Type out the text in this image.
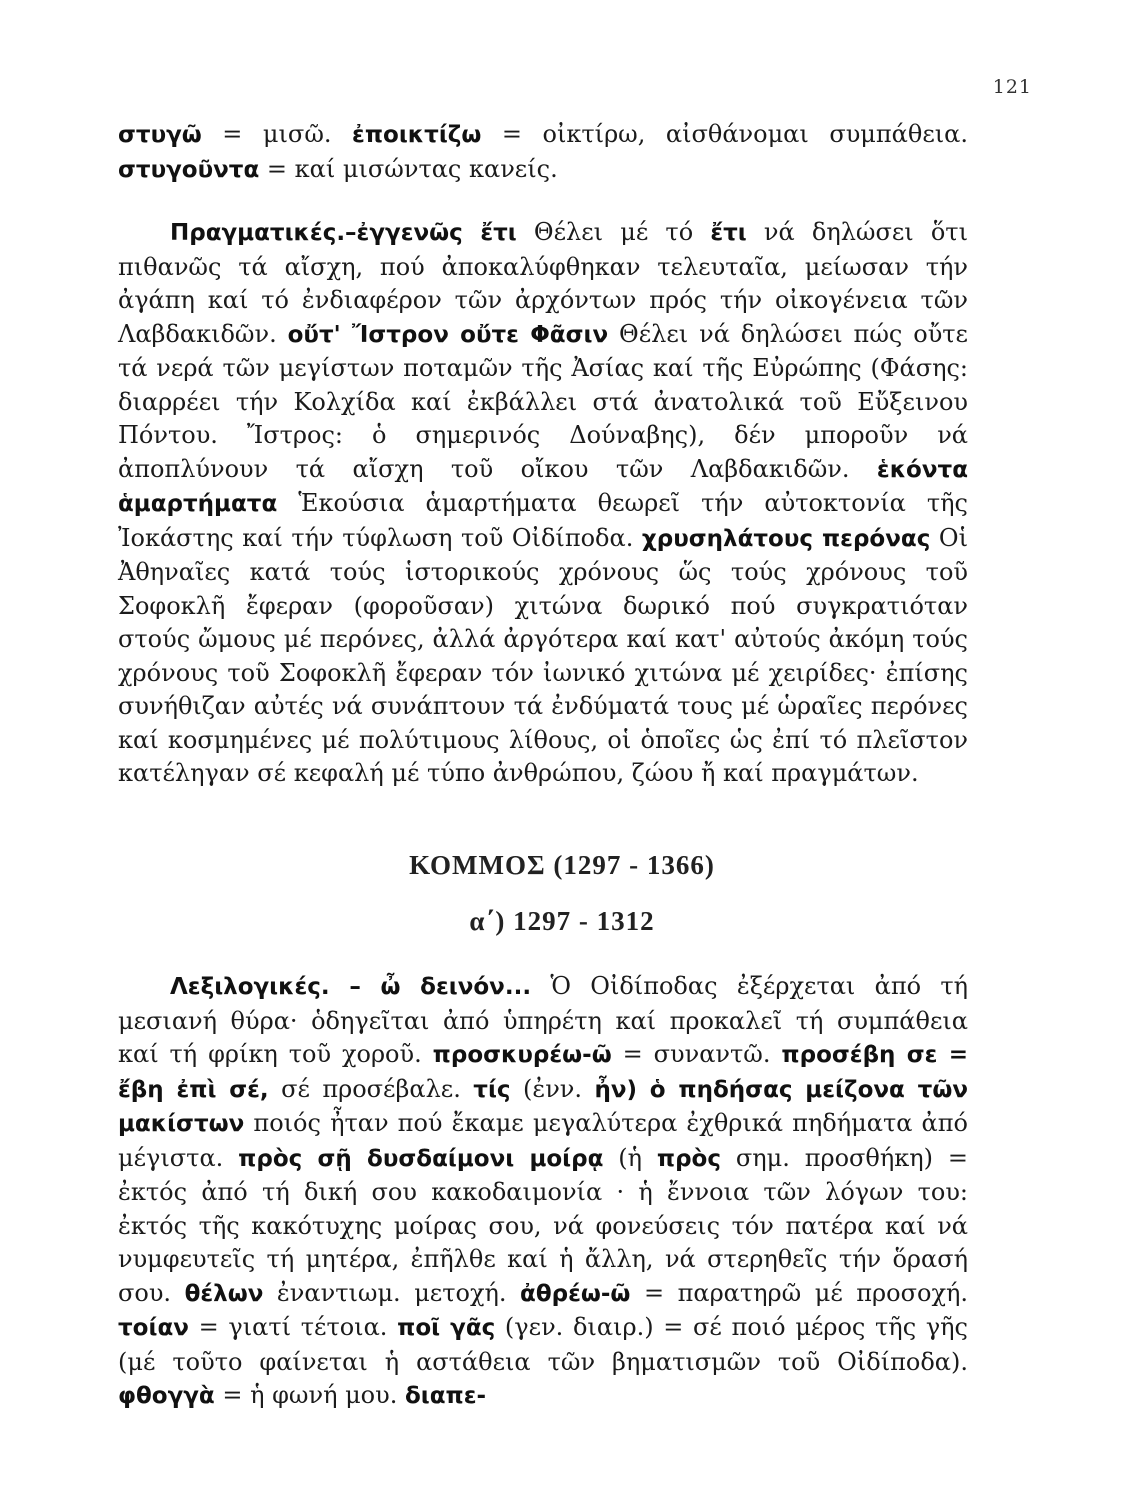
121

στυγῶ = μισῶ. ἐποικτίζω = οἰκτίρω, αἰσθάνομαι συμπάθεια. στυγοῦντα = καί μισώντας κανείς.

Πραγματικές.–ἐγγενῶς ἔτι Θέλει μέ τό ἔτι νά δηλώσει ὅτι πιθανῶς τά αἴσχη, πού ἀποκαλύφθηκαν τελευταῖα, μείωσαν τήν ἀγάπη καί τό ἐνδιαφέρον τῶν ἀρχόντων πρός τήν οἰκογένεια τῶν Λαβδακιδῶν. οὔτ' Ἴστρον οὔτε Φᾶσιν Θέλει νά δηλώσει πώς οὔτε τά νερά τῶν μεγίστων ποταμῶν τῆς Ἀσίας καί τῆς Εὐρώπης (Φάσης: διαρρέει τήν Κολχίδα καί ἐκβάλλει στά ἀνατολικά τοῦ Εὔξεινου Πόντου. Ἴστρος: ὁ σημερινός Δούναβης), δέν μποροῦν νά ἀποπλύνουν τά αἴσχη τοῦ οἴκου τῶν Λαβδακιδῶν. ἑκόντα ἁμαρτήματα Ἑκούσια ἁμαρτήματα θεωρεῖ τήν αὐτοκτονία τῆς Ἰοκάστης καί τήν τύφλωση τοῦ Οἰδίποδα. χρυσηλάτους περόνας Οἱ Ἀθηναῖες κατά τούς ἱστορικούς χρόνους ὥς τούς χρόνους τοῦ Σοφοκλῆ ἔφεραν (φοροῦσαν) χιτώνα δωρικό πού συγκρατιόταν στούς ὤμους μέ περόνες, ἀλλά ἀργότερα καί κατ' αὐτούς ἀκόμη τούς χρόνους τοῦ Σοφοκλῆ ἔφεραν τόν ἰωνικό χιτώνα μέ χειρίδες· ἐπίσης συνήθιζαν αὐτές νά συνάπτουν τά ἐνδύματά τους μέ ὡραῖες περόνες καί κοσμημένες μέ πολύτιμους λίθους, οἱ ὁποῖες ὡς ἐπί τό πλεῖστον κατέληγαν σέ κεφαλή μέ τύπο ἀνθρώπου, ζώου ἤ καί πραγμάτων.

ΚΟΜΜΟΣ (1297 - 1366)
α΄) 1297 - 1312

Λεξιλογικές. – ὦ δεινόν... Ὁ Οἰδίποδας ἐξέρχεται ἀπό τή μεσιανή θύρα· ὁδηγεῖται ἀπό ὑπηρέτη καί προκαλεῖ τή συμπάθεια καί τή φρίκη τοῦ χοροῦ. προσκυρέω-ῶ = συναντῶ. προσέβη σε = ἔβη ἐπὶ σέ, σέ προσέβαλε. τίς (ἐνν. ἦν) ὁ πηδήσας μείζονα τῶν μακίστων ποιός ἦταν πού ἔκαμε μεγαλύτερα ἐχθρικά πηδήματα ἀπό μέγιστα. πρὸς σῇ δυσδαίμονι μοίρᾳ (ἡ πρὸς σημ. προσθήκη) = ἐκτός ἀπό τή δική σου κακοδαιμονία · ἡ ἔννοια τῶν λόγων του: ἐκτός τῆς κακότυχης μοίρας σου, νά φονεύσεις τόν πατέρα καί νά νυμφευτεῖς τή μητέρα, ἐπῆλθε καί ἡ ἄλλη, νά στερηθεῖς τήν ὅρασή σου. θέλων ἐναντιωμ. μετοχή. ἀθρέω-ῶ = παρατηρῶ μέ προσοχή. τοίαν = γιατί τέτοια. ποῖ γᾶς (γεν. διαιρ.) = σέ ποιό μέρος τῆς γῆς (μέ τοῦτο φαίνεται ἡ αστάθεια τῶν βηματισμῶν τοῦ Οἰδίποδα). φθογγὰ = ἡ φωνή μου. διαπε-
